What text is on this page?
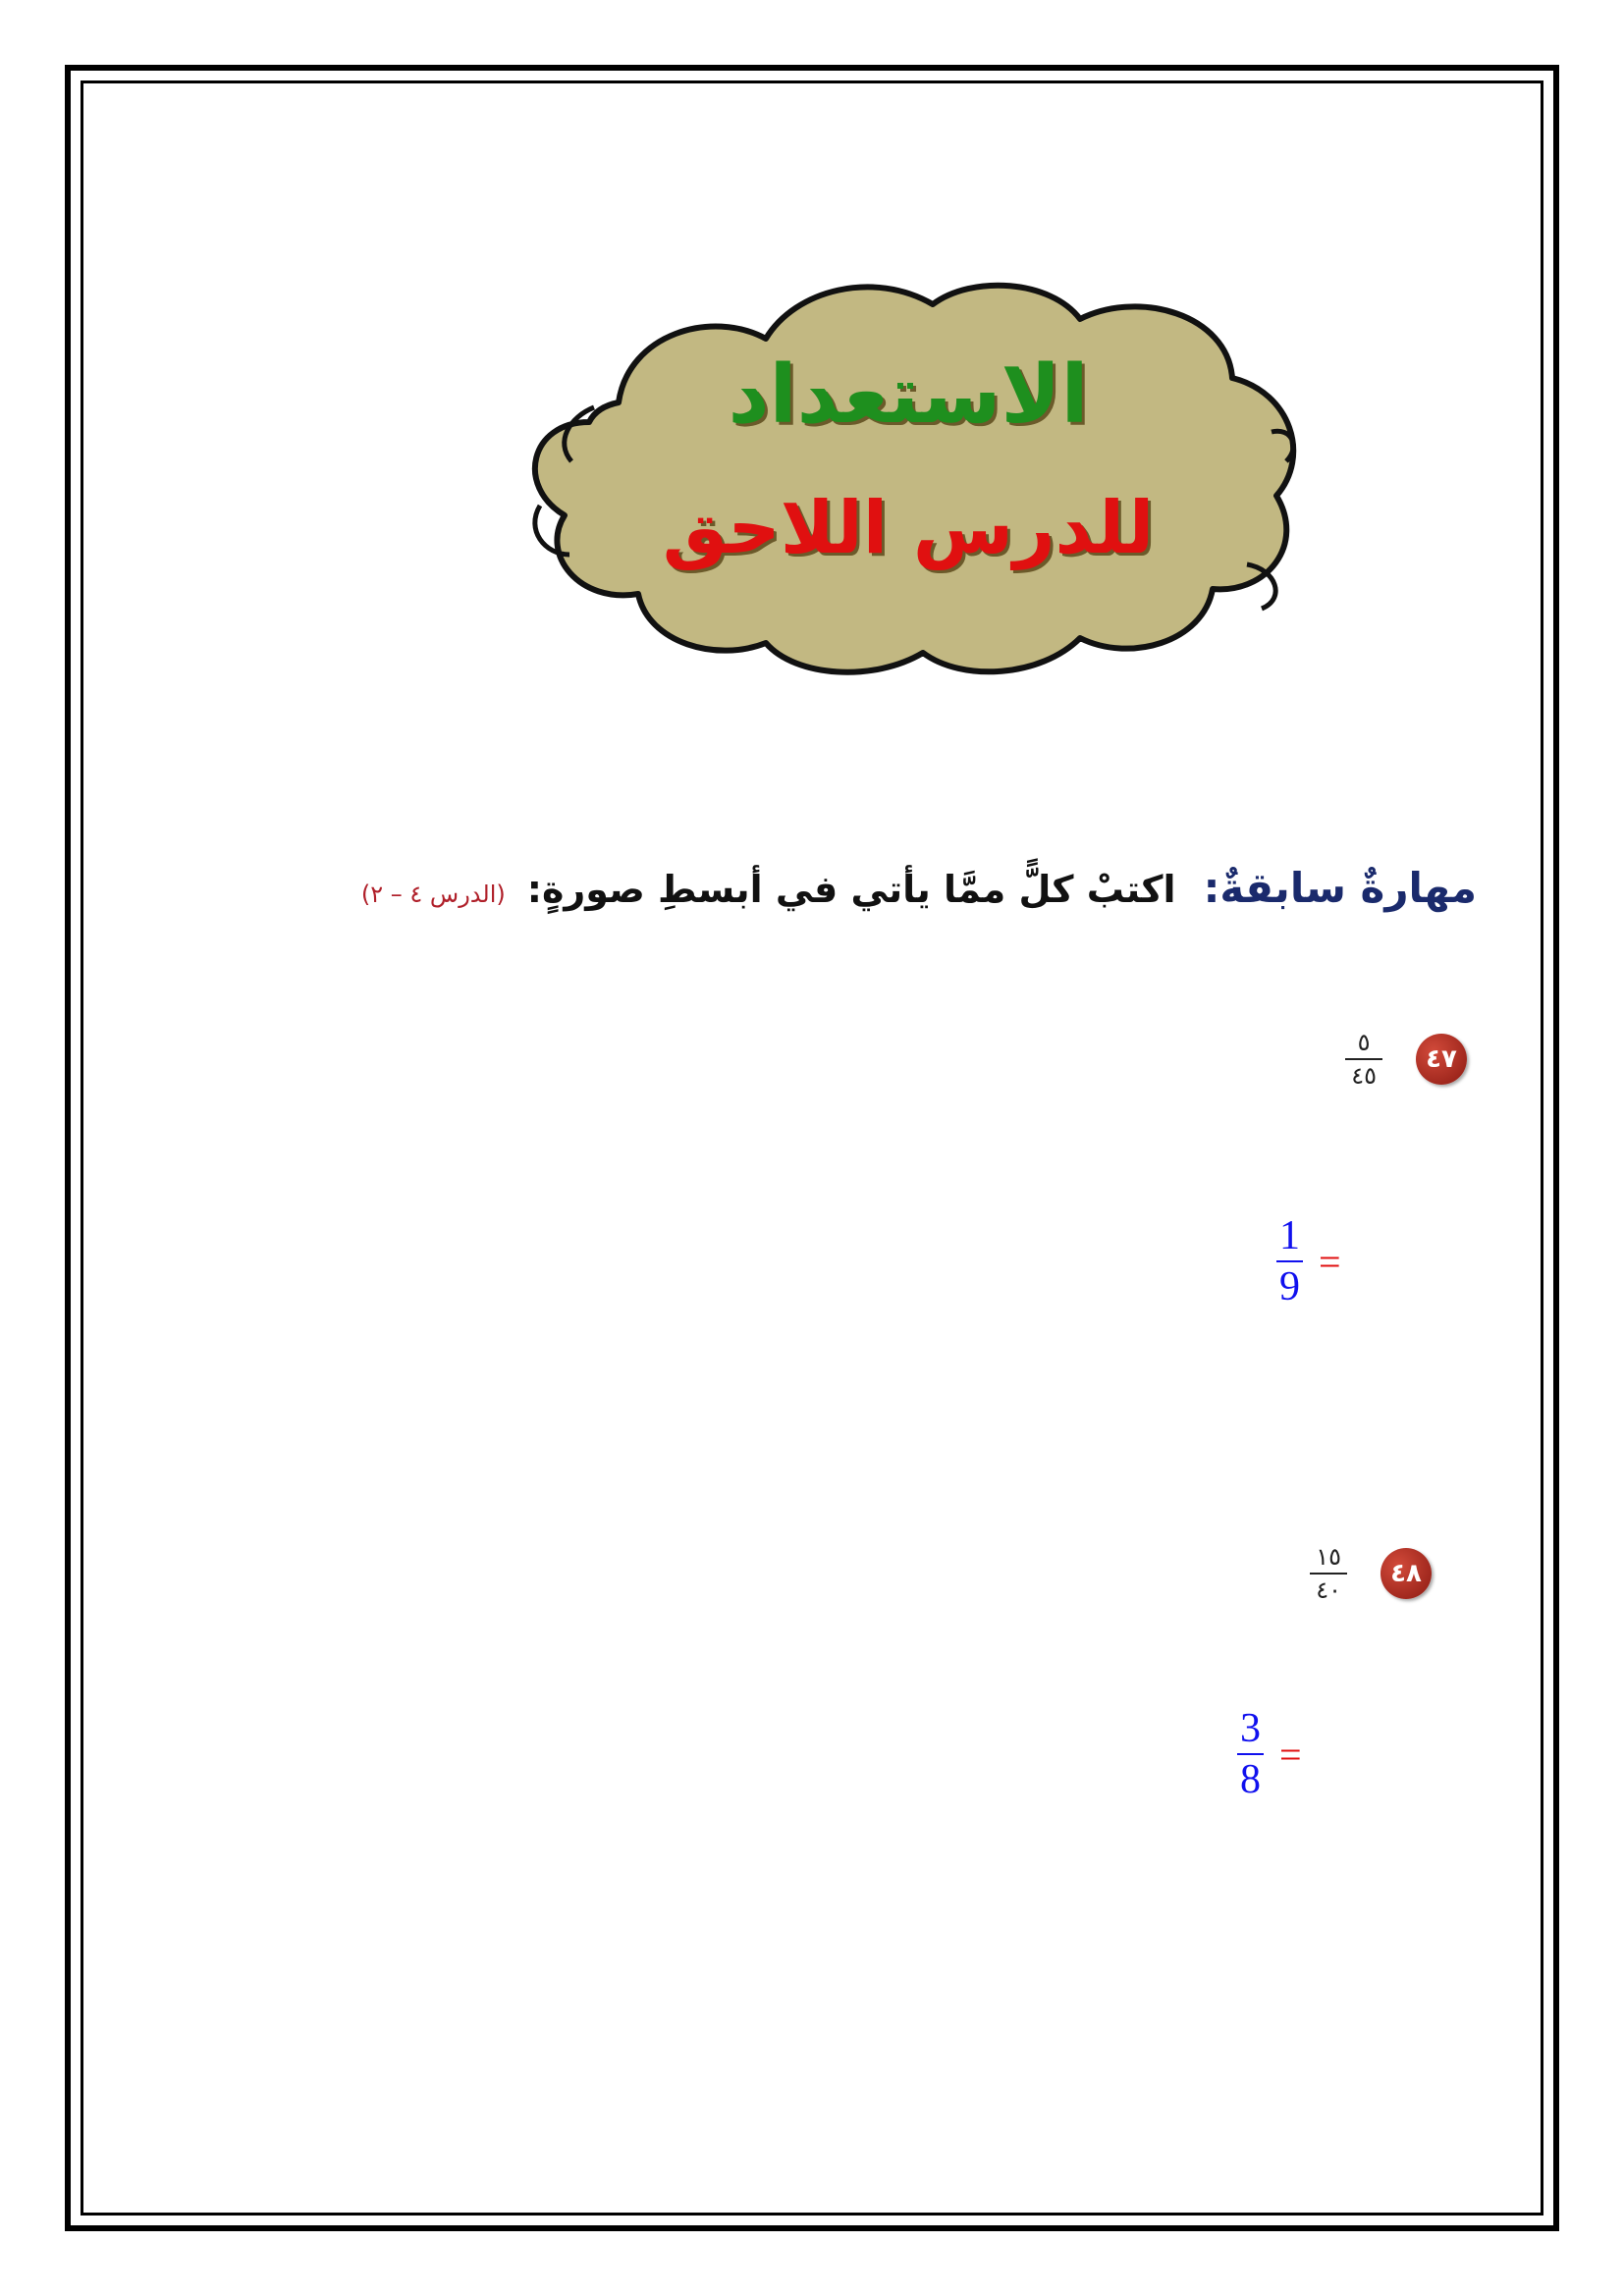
الاستعداد
للدرس اللاحق
مهارةٌ سابقةٌ
:
اكتبْ كلًّ ممَّا يأتي في أبسطِ صورةٍ:
(الدرس ٤ – ٢)
٤٧
$\frac{٥}{٤٥}$
$\frac{1}{9}$ =
٤٨
$\frac{١٥}{٤٠}$
$\frac{3}{8}$ =
